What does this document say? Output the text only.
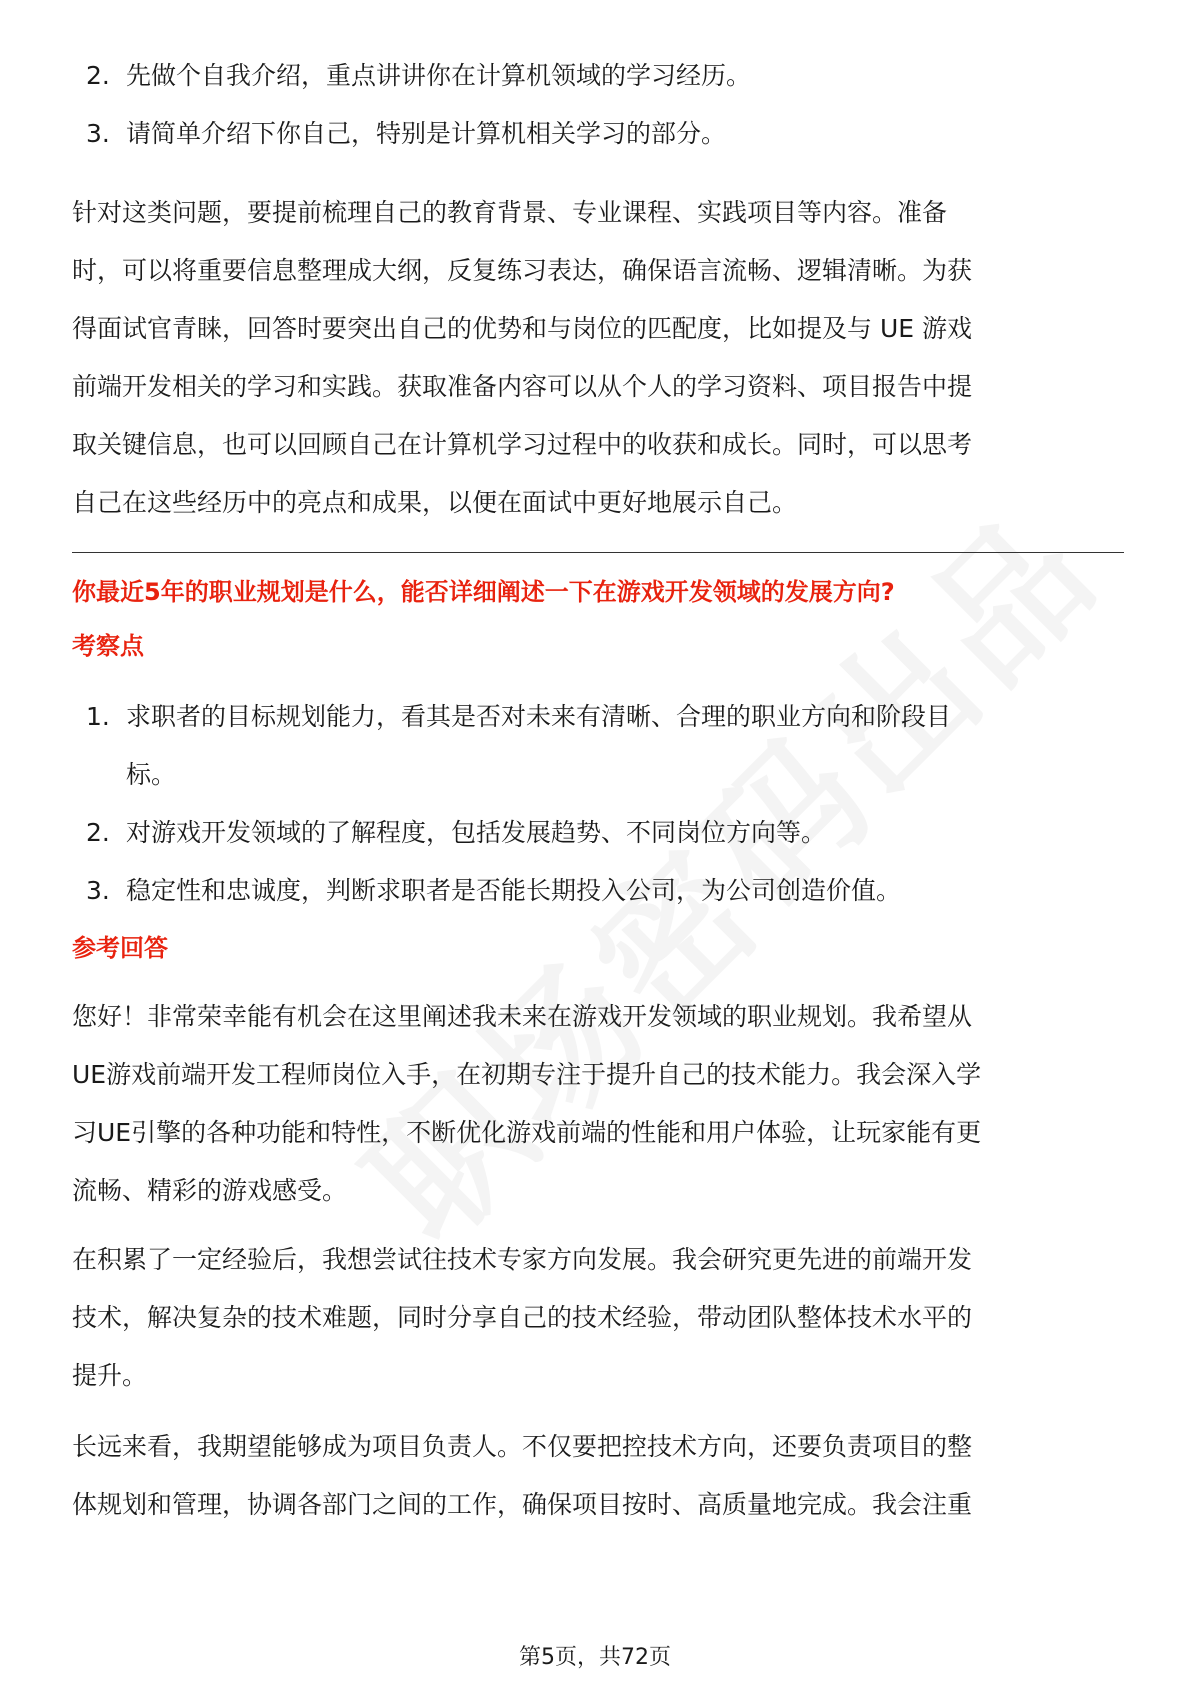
2. 先做个自我介绍，重点讲讲你在计算机领域的学习经历。
3. 请简单介绍下你自己，特别是计算机相关学习的部分。
针对这类问题，要提前梳理自己的教育背景、专业课程、实践项目等内容。准备
时，可以将重要信息整理成大纲，反复练习表达，确保语言流畅、逻辑清晰。为获
得面试官青睐，回答时要突出自己的优势和与岗位的匹配度，比如提及与 UE 游戏
前端开发相关的学习和实践。获取准备内容可以从个人的学习资料、项目报告中提
取关键信息，也可以回顾自己在计算机学习过程中的收获和成长。同时，可以思考
自己在这些经历中的亮点和成果，以便在面试中更好地展示自己。
你最近5年的职业规划是什么，能否详细阐述一下在游戏开发领域的发展方向?
考察点
1. 求职者的目标规划能力，看其是否对未来有清晰、合理的职业方向和阶段目
标。
2. 对游戏开发领域的了解程度，包括发展趋势、不同岗位方向等。
3. 稳定性和忠诚度，判断求职者是否能长期投入公司，为公司创造价值。
参考回答
您好！非常荣幸能有机会在这里阐述我未来在游戏开发领域的职业规划。我希望从
UE游戏前端开发工程师岗位入手，在初期专注于提升自己的技术能力。我会深入学
习UE引擎的各种功能和特性，不断优化游戏前端的性能和用户体验，让玩家能有更
流畅、精彩的游戏感受。
在积累了一定经验后，我想尝试往技术专家方向发展。我会研究更先进的前端开发
技术，解决复杂的技术难题，同时分享自己的技术经验，带动团队整体技术水平的
提升。
长远来看，我期望能够成为项目负责人。不仅要把控技术方向，还要负责项目的整
体规划和管理，协调各部门之间的工作，确保项目按时、高质量地完成。我会注重
第5页，共72页
